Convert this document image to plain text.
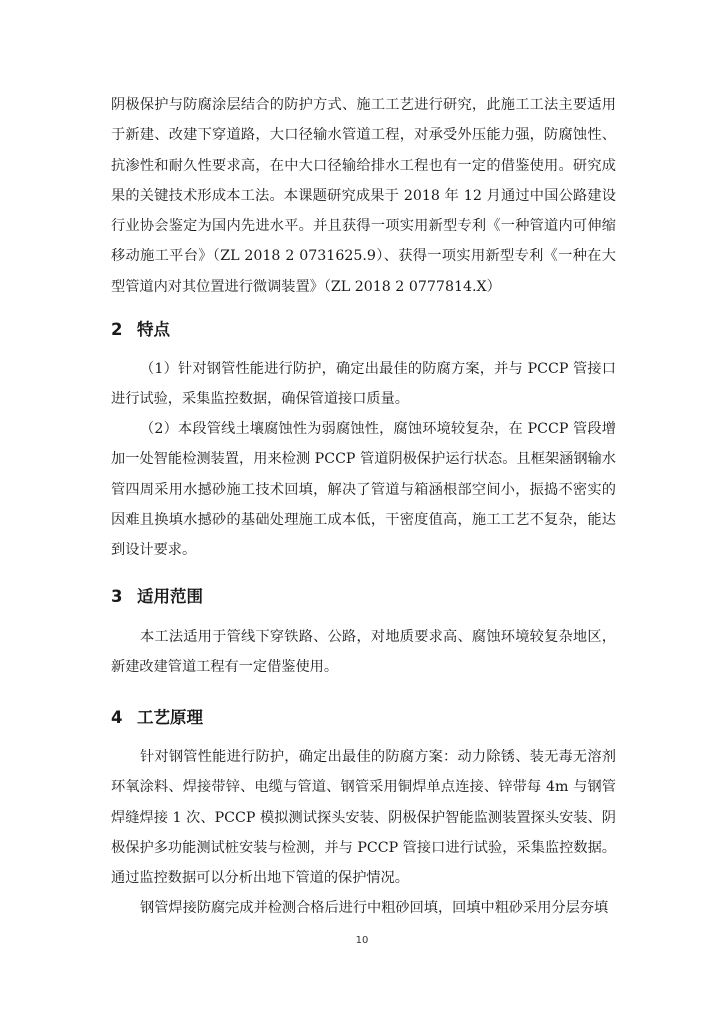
阴极保护与防腐涂层结合的防护方式、施工工艺进行研究，此施工工法主要适用于新建、改建下穿道路，大口径输水管道工程，对承受外压能力强，防腐蚀性、抗渗性和耐久性要求高，在中大口径输给排水工程也有一定的借鉴使用。研究成果的关键技术形成本工法。本课题研究成果于 2018 年 12 月通过中国公路建设行业协会鉴定为国内先进水平。并且获得一项实用新型专利《一种管道内可伸缩移动施工平台》（ZL 2018 2 0731625.9）、获得一项实用新型专利《一种在大型管道内对其位置进行微调装置》（ZL 2018 2 0777814.X）

2 特点

（1）针对钢管性能进行防护，确定出最佳的防腐方案，并与 PCCP 管接口进行试验，采集监控数据，确保管道接口质量。

（2）本段管线土壤腐蚀性为弱腐蚀性，腐蚀环境较复杂，在 PCCP 管段增加一处智能检测装置，用来检测 PCCP 管道阴极保护运行状态。且框架涵钢输水管四周采用水撼砂施工技术回填，解决了管道与箱涵根部空间小，振捣不密实的因难且换填水撼砂的基础处理施工成本低，干密度值高，施工工艺不复杂，能达到设计要求。

3 适用范围

本工法适用于管线下穿铁路、公路，对地质要求高、腐蚀环境较复杂地区，新建改建管道工程有一定借鉴使用。

4 工艺原理

针对钢管性能进行防护，确定出最佳的防腐方案：动力除锈、装无毒无溶剂环氧涂料、焊接带锌、电缆与管道、钢管采用铜焊单点连接、锌带每 4m 与钢管焊缝焊接 1 次、PCCP 模拟测试探头安装、阴极保护智能监测装置探头安装、阴极保护多功能测试桩安装与检测，并与 PCCP 管接口进行试验，采集监控数据。通过监控数据可以分析出地下管道的保护情况。

钢管焊接防腐完成并检测合格后进行中粗砂回填，回填中粗砂采用分层夯填

10
